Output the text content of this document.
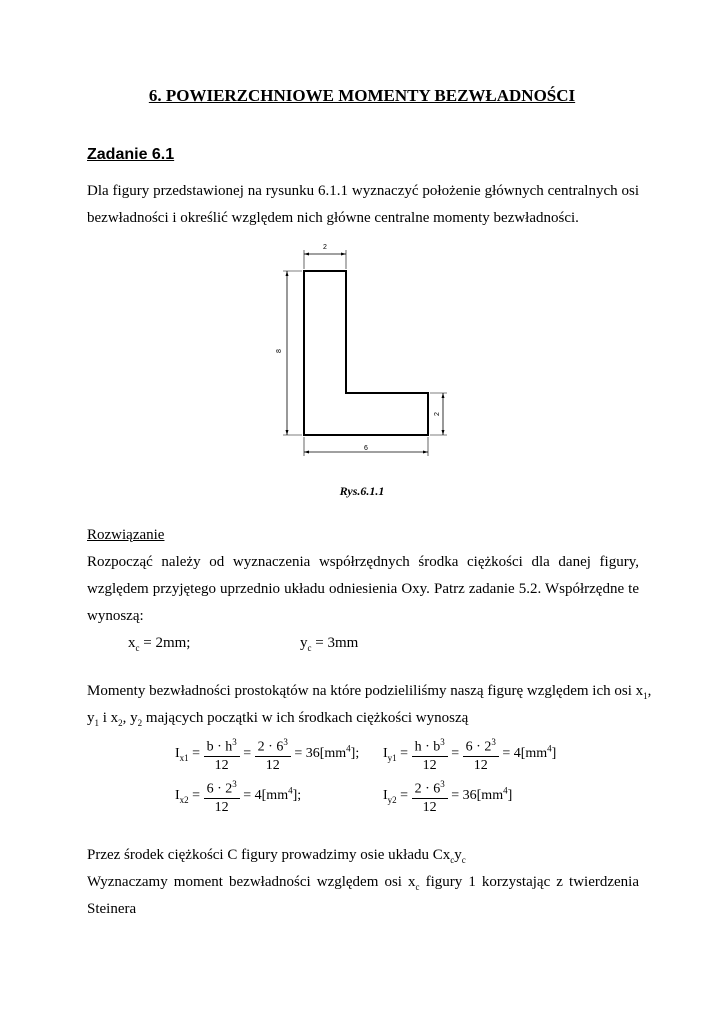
6. POWIERZCHNIOWE MOMENTY BEZWŁADNOŚCI
Zadanie 6.1
Dla figury przedstawionej na rysunku 6.1.1 wyznaczyć położenie głównych centralnych osi bezwładności i określić względem nich główne centralne momenty bezwładności.
2
8
2
6
Rys.6.1.1
Rozwiązanie
Rozpocząć należy od wyznaczenia współrzędnych środka ciężkości dla danej figury, względem przyjętego uprzednio układu odniesienia Oxy. Patrz zadanie 5.2. Współrzędne te wynoszą:
$x_c = 2mm$;	$y_c = 3mm$
Momenty bezwładności prostokątów na które podzieliliśmy naszą figurę względem ich osi $x_1$,
$y_1$ i $x_2$, $y_2$ mających początki w ich środkach ciężkości wynoszą
$I_{x1} = \frac{b \cdot h^3}{12} = \frac{2 \cdot 6^3}{12} = 36[mm^4]$; $I_{y1} = \frac{h \cdot b^3}{12} = \frac{6 \cdot 2^3}{12} = 4[mm^4]$
$I_{x2} = \frac{6 \cdot 2^3}{12} = 4[mm^4]$;	$I_{y2} = \frac{2 \cdot 6^3}{12} = 36[mm^4]$
Przez środek ciężkości C figury prowadzimy osie układu $Cx_cy_c$
Wyznaczamy moment bezwładności względem osi $x_c$ figury 1 korzystając z twierdzenia
Steinera
